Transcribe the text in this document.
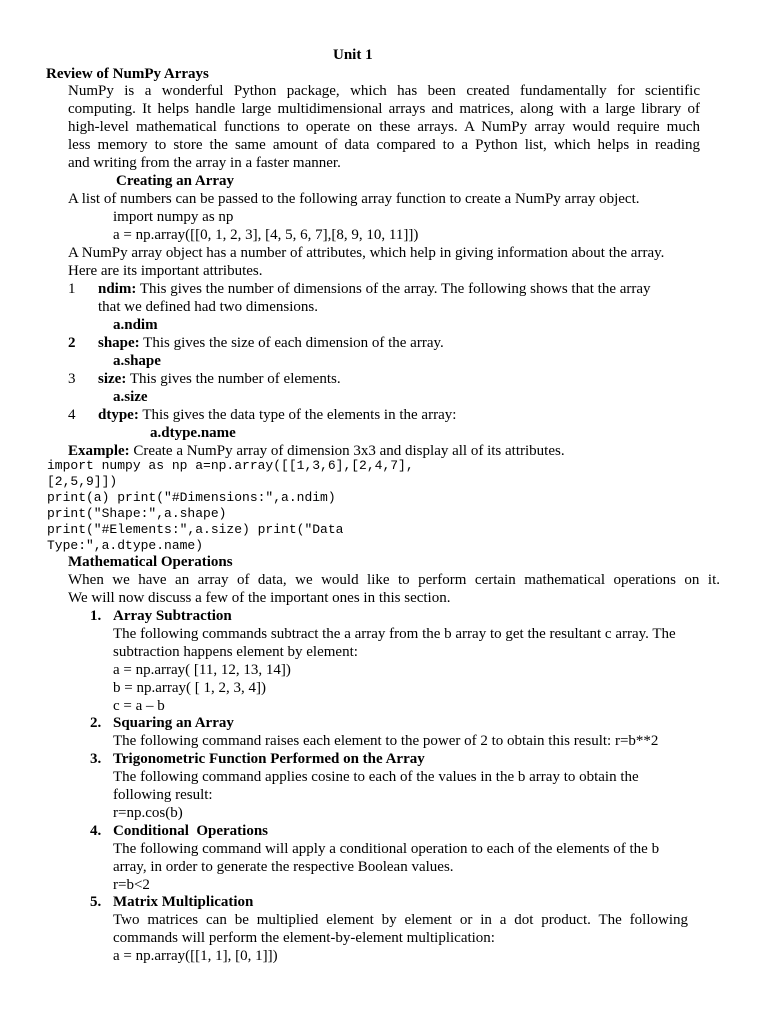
Unit 1
Review of NumPy Arrays
NumPy is a wonderful Python package, which has been created fundamentally for scientific
computing. It helps handle large multidimensional arrays and matrices, along with a large library of
high-level mathematical functions to operate on these arrays. A NumPy array would require much
less memory to store the same amount of data compared to a Python list, which helps in reading
and writing from the array in a faster manner.
Creating an Array
A list of numbers can be passed to the following array function to create a NumPy array object.
import numpy as np
a = np.array([[0, 1, 2, 3], [4, 5, 6, 7],[8, 9, 10, 11]])
A NumPy array object has a number of attributes, which help in giving information about the array.
Here are its important attributes.
1 ndim: This gives the number of dimensions of the array. The following shows that the array
that we defined had two dimensions.
a.ndim
2 shape: This gives the size of each dimension of the array.
a.shape
3 size: This gives the number of elements.
a.size
4 dtype: This gives the data type of the elements in the array:
a.dtype.name
Example: Create a NumPy array of dimension 3x3 and display all of its attributes.
import numpy as np a=np.array([[1,3,6],[2,4,7],
[2,5,9]])
print(a) print("#Dimensions:",a.ndim)
print("Shape:",a.shape)
print("#Elements:",a.size) print("Data
Type:",a.dtype.name)
Mathematical Operations
When we have an array of data, we would like to perform certain mathematical operations on it.
We will now discuss a few of the important ones in this section.
1. Array Subtraction
The following commands subtract the a array from the b array to get the resultant c array. The
subtraction happens element by element:
a = np.array( [11, 12, 13, 14])
b = np.array( [ 1, 2, 3, 4])
c = a – b
2. Squaring an Array
The following command raises each element to the power of 2 to obtain this result: r=b**2
3. Trigonometric Function Performed on the Array
The following command applies cosine to each of the values in the b array to obtain the
following result:
r=np.cos(b)
4. Conditional  Operations
The following command will apply a conditional operation to each of the elements of the b
array, in order to generate the respective Boolean values.
r=b<2
5. Matrix Multiplication
Two matrices can be multiplied element by element or in a dot product. The following
commands will perform the element-by-element multiplication:
a = np.array([[1, 1], [0, 1]])
